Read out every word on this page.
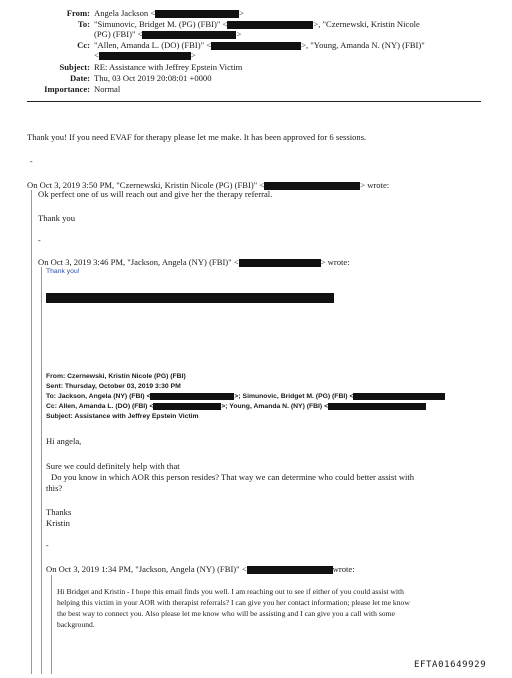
From: Angela Jackson <	>
To: "Simunovic, Bridget M. (PG) (FBI)" <	>, "Czernewski, Kristin Nicole
(PG) (FBI)" <	>
Cc: "Allen, Amanda L. (DO) (FBI)" <	>, "Young, Amanda N. (NY) (FBI)"
<	>
Subject: RE: Assistance with Jeffrey Epstein Victim
Date: Thu, 03 Oct 2019 20:08:01 +0000
Importance: Normal
Thank you! If you need EVAF for therapy please let me make. It has been approved for 6 sessions.
-
On Oct 3, 2019 3:50 PM, "Czernewski, Kristin Nicole (PG) (FBI)" <	> wrote:
Ok perfect one of us will reach out and give her the therapy referral.
Thank you
-
On Oct 3, 2019 3:46 PM, "Jackson, Angela (NY) (FBI)" <	> wrote:
Thank you!
From: Czernewski, Kristin Nicole (PG) (FBI)
Sent: Thursday, October 03, 2019 3:30 PM
To: Jackson, Angela (NY) (FBI) <	>; Simunovic, Bridget M. (PG) (FBI) <
Cc: Allen, Amanda L. (DO) (FBI) <	>; Young, Amanda N. (NY) (FBI) <
Subject: Assistance with Jeffrey Epstein Victim
Hi angela,
Sure we could definitely help with that
Do you know in which AOR this person resides? That way we can determine who could better assist with
this?
Thanks
Kristin
-
On Oct 3, 2019 1:34 PM, "Jackson, Angela (NY) (FBI)" <	wrote:
Hi Bridget and Kristin - I hope this email finds you well. I am reaching out to see if either of you could assist with
helping this victim in your AOR with therapist referrals? I can give you her contact information; please let me know
the best way to connect you. Also please let me know who will be assisting and I can give you a call with some
background.
EFTA01649929
